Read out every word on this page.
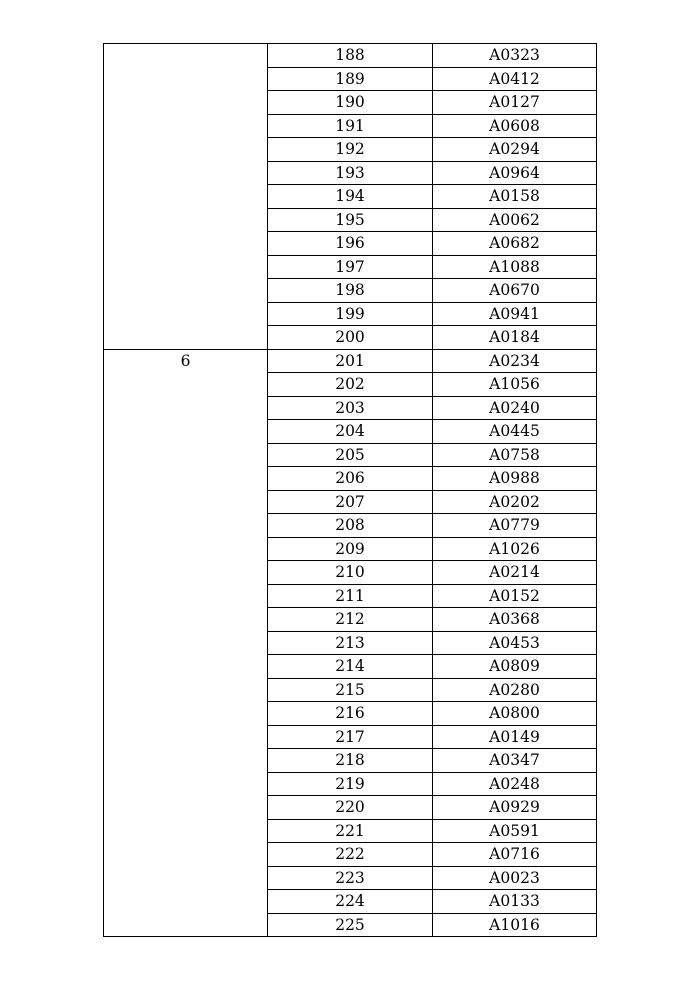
	188	A0323
	189	A0412
	190	A0127
	191	A0608
	192	A0294
	193	A0964
	194	A0158
	195	A0062
	196	A0682
	197	A1088
	198	A0670
	199	A0941
	200	A0184
6	201	A0234
	202	A1056
	203	A0240
	204	A0445
	205	A0758
	206	A0988
	207	A0202
	208	A0779
	209	A1026
	210	A0214
	211	A0152
	212	A0368
	213	A0453
	214	A0809
	215	A0280
	216	A0800
	217	A0149
	218	A0347
	219	A0248
	220	A0929
	221	A0591
	222	A0716
	223	A0023
	224	A0133
	225	A1016
